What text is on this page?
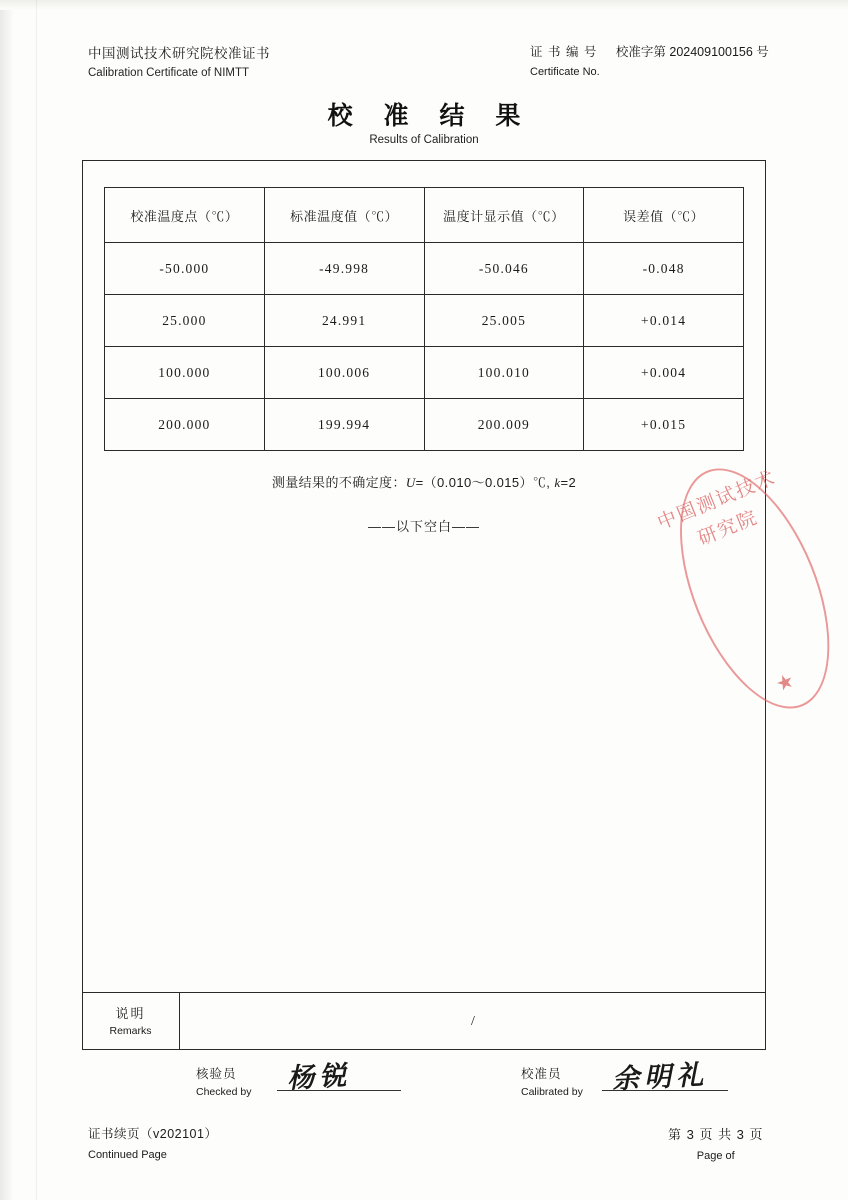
中国测试技术研究院校准证书
Calibration Certificate of NIMTT
证 书 编 号 校准字第 202409100156 号
Certificate No.
校 准 结 果
Results of Calibration
校准温度点（℃）	标准温度值（℃）	温度计显示值（℃）	误差值（℃）
-50.000	-49.998	-50.046	-0.048
25.000	24.991	25.005	+0.014
100.000	100.006	100.010	+0.004
200.000	199.994	200.009	+0.015
测量结果的不确定度：U=（0.010～0.015）℃, k=2
——以下空白——	中国测试技术研究院
★
说明
Remarks
/
核验员
Checked by 杨锐	校准员
Calibrated by 余明礼
证书续页（v202101）
Continued Page
第 3 页 共 3 页
Page of
